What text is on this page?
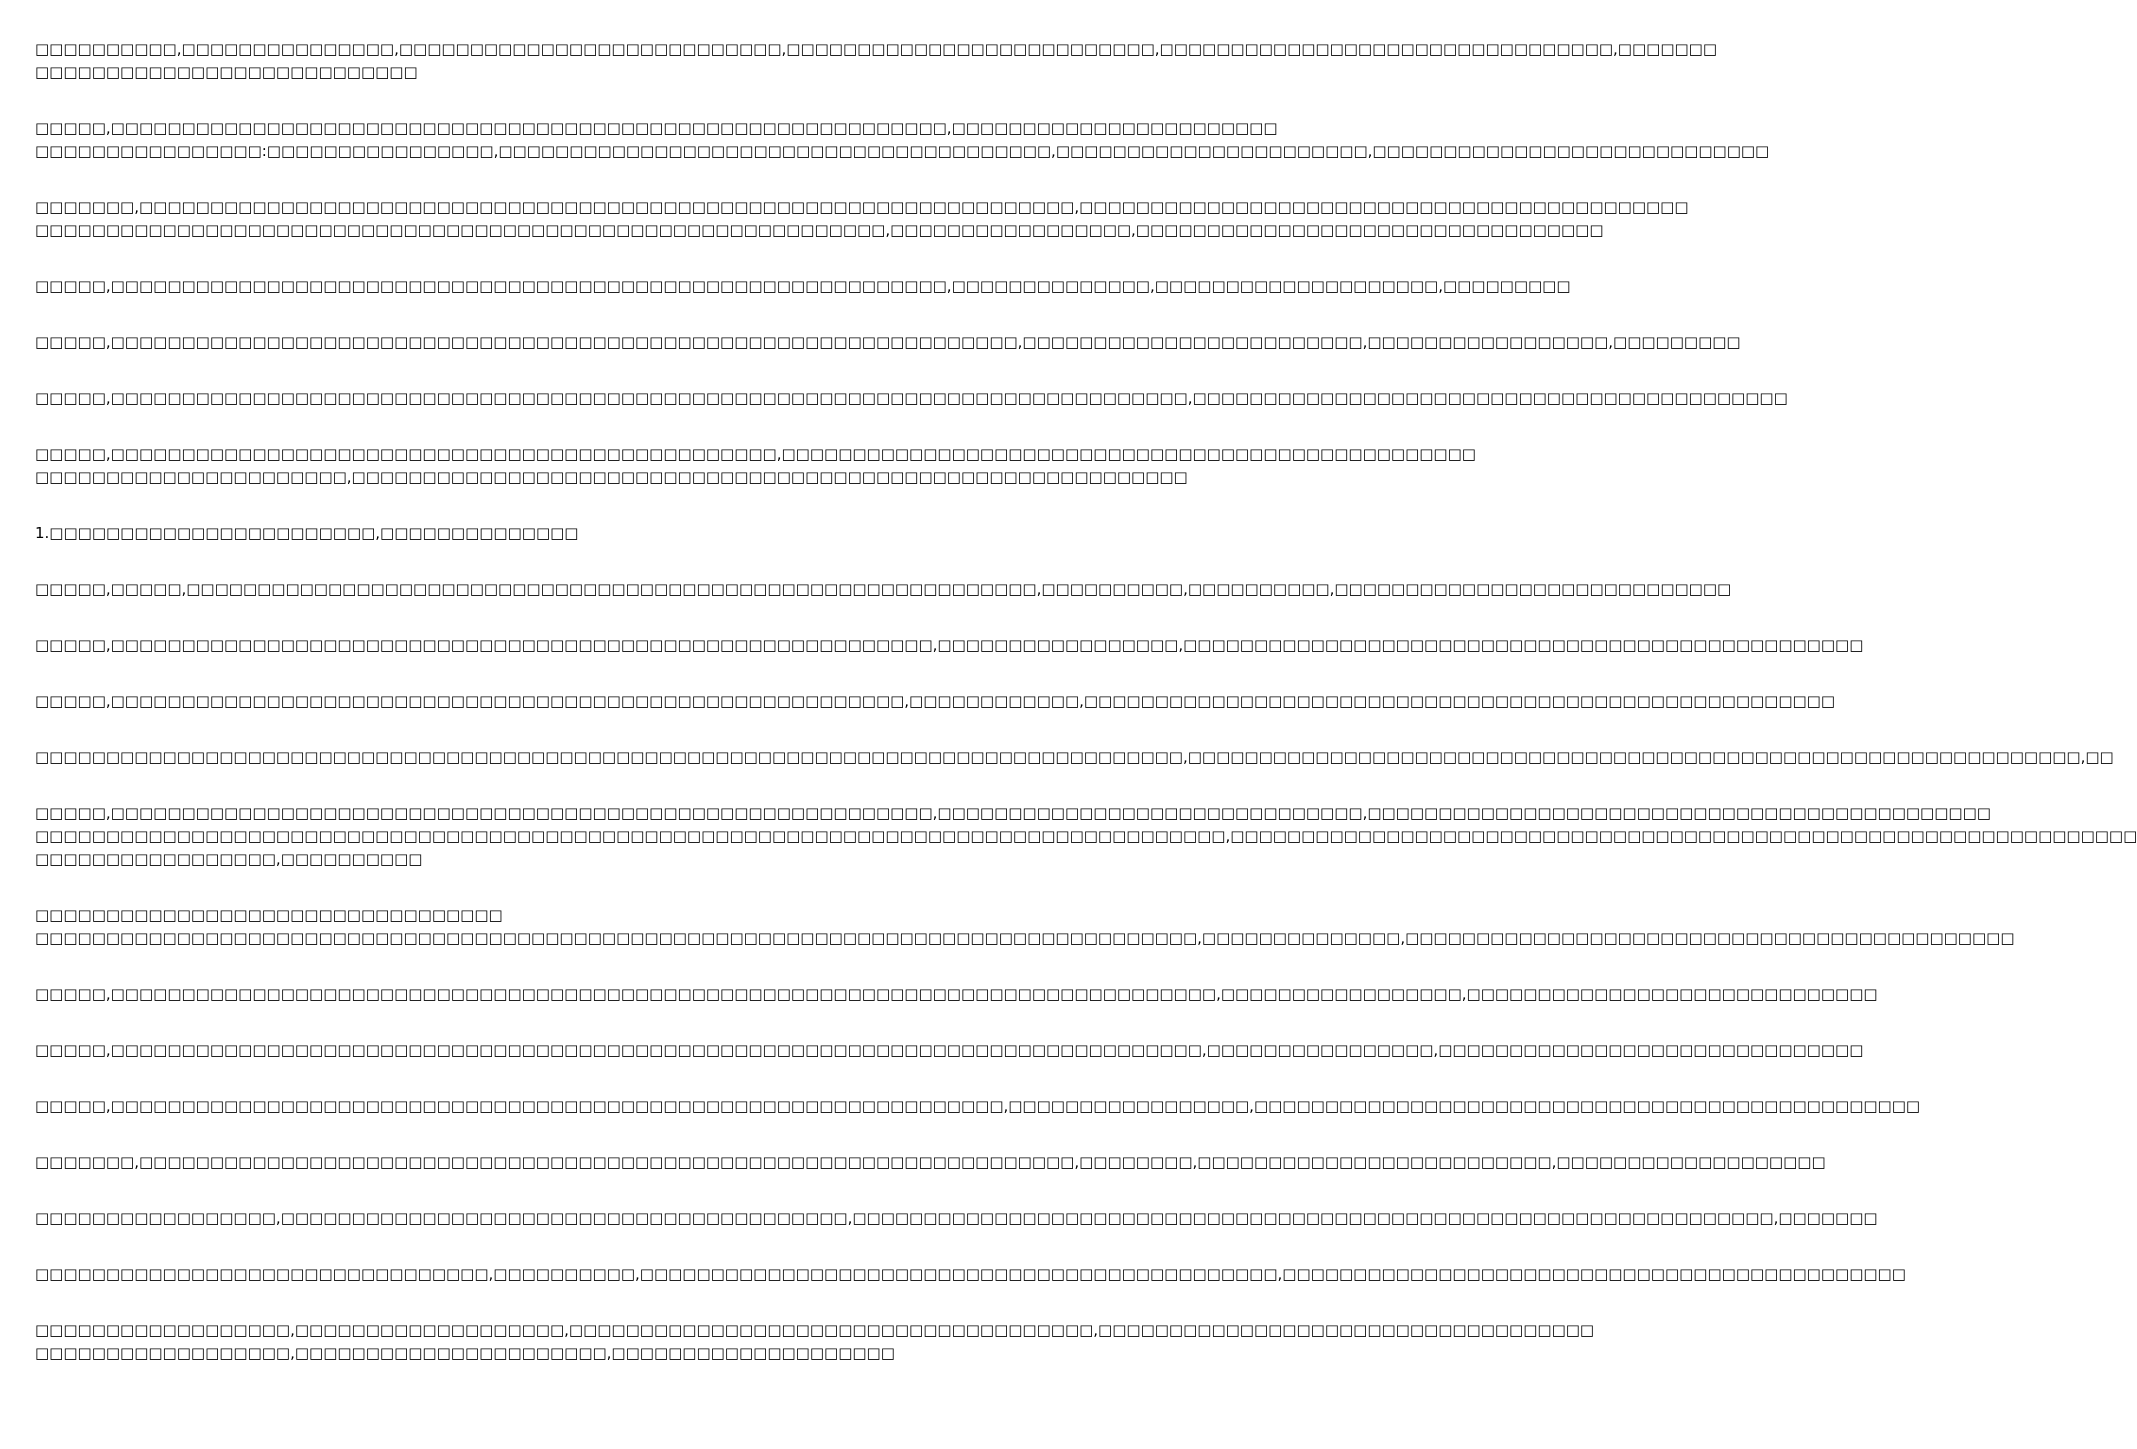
□□□□□□□□□□,□□□□□□□□□□□□□□□,□□□□□□□□□□□□□□□□□□□□□□□□□□□,□□□□□□□□□□□□□□□□□□□□□□□□□□,□□□□□□□□□□□□□□□□□□□□□□□□□□□□□□□□,□□□□□□□
□□□□□□□□□□□□□□□□□□□□□□□□□□□

□□□□□,□□□□□□□□□□□□□□□□□□□□□□□□□□□□□□□□□□□□□□□□□□□□□□□□□□□□□□□□□□□,□□□□□□□□□□□□□□□□□□□□□□□
□□□□□□□□□□□□□□□□:□□□□□□□□□□□□□□□□,□□□□□□□□□□□□□□□□□□□□□□□□□□□□□□□□□□□□□□□,□□□□□□□□□□□□□□□□□□□□□□,□□□□□□□□□□□□□□□□□□□□□□□□□□□□

□□□□□□□,□□□□□□□□□□□□□□□□□□□□□□□□□□□□□□□□□□□□□□□□□□□□□□□□□□□□□□□□□□□□□□□□□□,□□□□□□□□□□□□□□□□□□□□□□□□□□□□□□□□□□□□□□□□□□□
□□□□□□□□□□□□□□□□□□□□□□□□□□□□□□□□□□□□□□□□□□□□□□□□□□□□□□□□□□□□,□□□□□□□□□□□□□□□□□,□□□□□□□□□□□□□□□□□□□□□□□□□□□□□□□□□

□□□□□,□□□□□□□□□□□□□□□□□□□□□□□□□□□□□□□□□□□□□□□□□□□□□□□□□□□□□□□□□□□,□□□□□□□□□□□□□□,□□□□□□□□□□□□□□□□□□□□,□□□□□□□□□

□□□□□,□□□□□□□□□□□□□□□□□□□□□□□□□□□□□□□□□□□□□□□□□□□□□□□□□□□□□□□□□□□□□□□□,□□□□□□□□□□□□□□□□□□□□□□□□,□□□□□□□□□□□□□□□□□,□□□□□□□□□

□□□□□,□□□□□□□□□□□□□□□□□□□□□□□□□□□□□□□□□□□□□□□□□□□□□□□□□□□□□□□□□□□□□□□□□□□□□□□□□□□□,□□□□□□□□□□□□□□□□□□□□□□□□□□□□□□□□□□□□□□□□□□

□□□□□,□□□□□□□□□□□□□□□□□□□□□□□□□□□□□□□□□□□□□□□□□□□□□□□,□□□□□□□□□□□□□□□□□□□□□□□□□□□□□□□□□□□□□□□□□□□□□□□□□
□□□□□□□□□□□□□□□□□□□□□□,□□□□□□□□□□□□□□□□□□□□□□□□□□□□□□□□□□□□□□□□□□□□□□□□□□□□□□□□□□□

1.□□□□□□□□□□□□□□□□□□□□□□□,□□□□□□□□□□□□□□

□□□□□,□□□□□,□□□□□□□□□□□□□□□□□□□□□□□□□□□□□□□□□□□□□□□□□□□□□□□□□□□□□□□□□□□□,□□□□□□□□□□,□□□□□□□□□□,□□□□□□□□□□□□□□□□□□□□□□□□□□□□

□□□□□,□□□□□□□□□□□□□□□□□□□□□□□□□□□□□□□□□□□□□□□□□□□□□□□□□□□□□□□□□□,□□□□□□□□□□□□□□□□□,□□□□□□□□□□□□□□□□□□□□□□□□□□□□□□□□□□□□□□□□□□□□□□□□

□□□□□,□□□□□□□□□□□□□□□□□□□□□□□□□□□□□□□□□□□□□□□□□□□□□□□□□□□□□□□□,□□□□□□□□□□□□,□□□□□□□□□□□□□□□□□□□□□□□□□□□□□□□□□□□□□□□□□□□□□□□□□□□□□

□□□□□□□□□□□□□□□□□□□□□□□□□□□□□□□□□□□□□□□□□□□□□□□□□□□□□□□□□□□□□□□□□□□□□□□□□□□□□□□□□,□□□□□□□□□□□□□□□□□□□□□□□□□□□□□□□□□□□□□□□□□□□□□□□□□□□□□□□□□□□□□□□,□□

□□□□□,□□□□□□□□□□□□□□□□□□□□□□□□□□□□□□□□□□□□□□□□□□□□□□□□□□□□□□□□□□,□□□□□□□□□□□□□□□□□□□□□□□□□□□□□□,□□□□□□□□□□□□□□□□□□□□□□□□□□□□□□□□□□□□□□□□□□□□
□□□□□□□□□□□□□□□□□□□□□□□□□□□□□□□□□□□□□□□□□□□□□□□□□□□□□□□□□□□□□□□□□□□□□□□□□□□□□□□□□□□□,□□□□□□□□□□□□□□□□□□□□□□□□□□□□□□□□□□□□□□□□□□□□□□□□□□□□□□□□□□□□□□□□
□□□□□□□□□□□□□□□□□,□□□□□□□□□□

□□□□□□□□□□□□□□□□□□□□□□□□□□□□□□□□□
□□□□□□□□□□□□□□□□□□□□□□□□□□□□□□□□□□□□□□□□□□□□□□□□□□□□□□□□□□□□□□□□□□□□□□□□□□□□□□□□□□,□□□□□□□□□□□□□□,□□□□□□□□□□□□□□□□□□□□□□□□□□□□□□□□□□□□□□□□□□□

□□□□□,□□□□□□□□□□□□□□□□□□□□□□□□□□□□□□□□□□□□□□□□□□□□□□□□□□□□□□□□□□□□□□□□□□□□□□□□□□□□□□,□□□□□□□□□□□□□□□□□,□□□□□□□□□□□□□□□□□□□□□□□□□□□□□

□□□□□,□□□□□□□□□□□□□□□□□□□□□□□□□□□□□□□□□□□□□□□□□□□□□□□□□□□□□□□□□□□□□□□□□□□□□□□□□□□□□,□□□□□□□□□□□□□□□□,□□□□□□□□□□□□□□□□□□□□□□□□□□□□□□

□□□□□,□□□□□□□□□□□□□□□□□□□□□□□□□□□□□□□□□□□□□□□□□□□□□□□□□□□□□□□□□□□□□□□,□□□□□□□□□□□□□□□□□,□□□□□□□□□□□□□□□□□□□□□□□□□□□□□□□□□□□□□□□□□□□□□□□

□□□□□□□,□□□□□□□□□□□□□□□□□□□□□□□□□□□□□□□□□□□□□□□□□□□□□□□□□□□□□□□□□□□□□□□□□□,□□□□□□□□,□□□□□□□□□□□□□□□□□□□□□□□□□,□□□□□□□□□□□□□□□□□□□

□□□□□□□□□□□□□□□□□,□□□□□□□□□□□□□□□□□□□□□□□□□□□□□□□□□□□□□□□□,□□□□□□□□□□□□□□□□□□□□□□□□□□□□□□□□□□□□□□□□□□□□□□□□□□□□□□□□□□□□□□□□□,□□□□□□□

□□□□□□□□□□□□□□□□□□□□□□□□□□□□□□□□,□□□□□□□□□□,□□□□□□□□□□□□□□□□□□□□□□□□□□□□□□□□□□□□□□□□□□□□□,□□□□□□□□□□□□□□□□□□□□□□□□□□□□□□□□□□□□□□□□□□□□

□□□□□□□□□□□□□□□□□□,□□□□□□□□□□□□□□□□□□□,□□□□□□□□□□□□□□□□□□□□□□□□□□□□□□□□□□□□□,□□□□□□□□□□□□□□□□□□□□□□□□□□□□□□□□□□□
□□□□□□□□□□□□□□□□□□,□□□□□□□□□□□□□□□□□□□□□□,□□□□□□□□□□□□□□□□□□□□
